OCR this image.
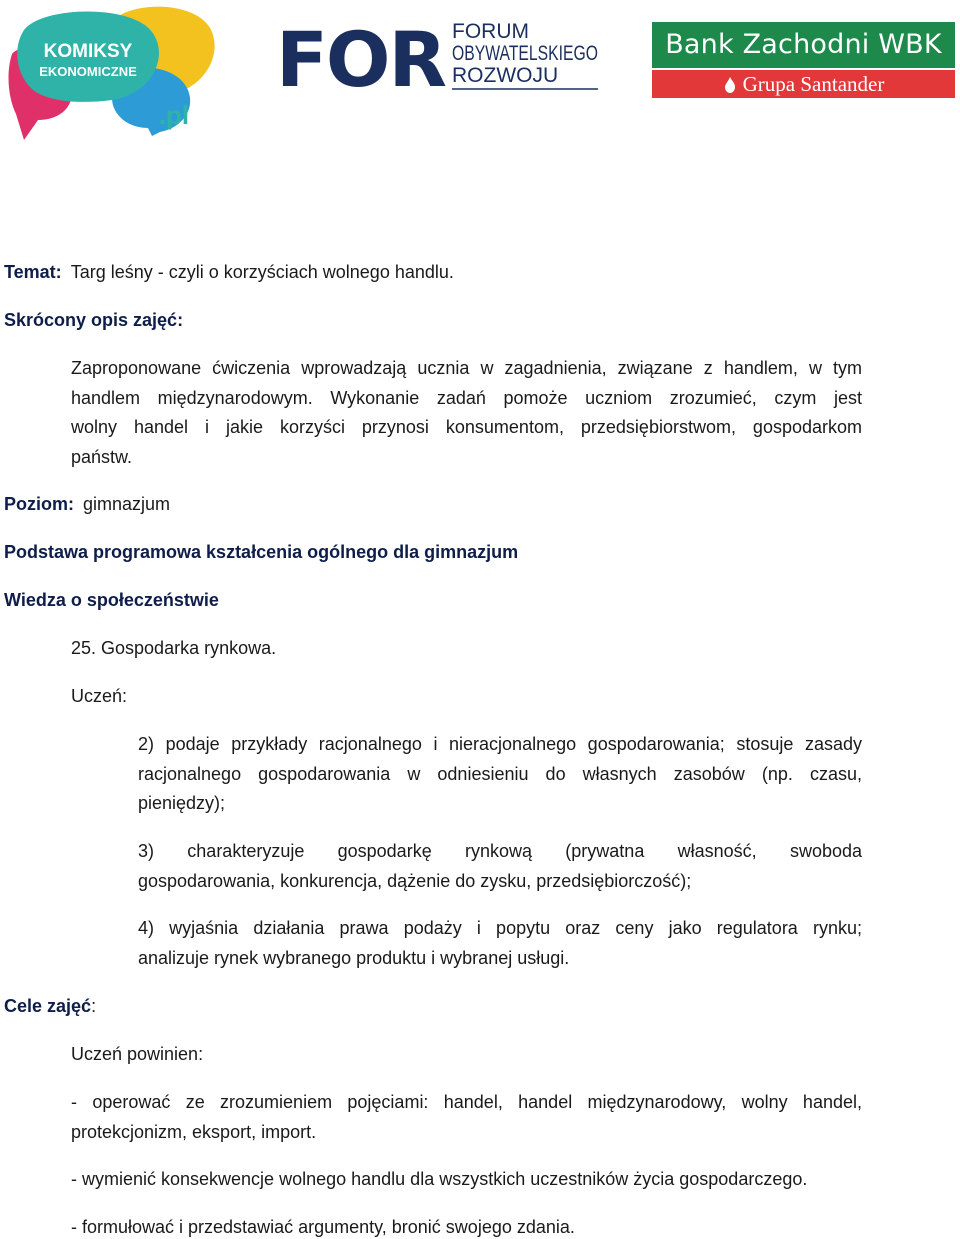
KOMIKSY
EKONOMICZNE
.pl
FOR FORUM
OBYWATELSKIEGO
ROZWOJU
Bank Zachodni WBK
Grupa Santander
Temat: Targ leśny - czyli o korzyściach wolnego handlu.
Skrócony opis zajęć:
Zaproponowane ćwiczenia wprowadzają ucznia w zagadnienia, związane z handlem, w tym
handlem międzynarodowym. Wykonanie zadań pomoże uczniom zrozumieć, czym jest
wolny handel i jakie korzyści przynosi konsumentom, przedsiębiorstwom, gospodarkom
państw.
Poziom: gimnazjum
Podstawa programowa kształcenia ogólnego dla gimnazjum
Wiedza o społeczeństwie
25. Gospodarka rynkowa.
Uczeń:
2) podaje przykłady racjonalnego i nieracjonalnego gospodarowania; stosuje zasady
racjonalnego gospodarowania w odniesieniu do własnych zasobów (np. czasu,
pieniędzy);
3) charakteryzuje gospodarkę rynkową (prywatna własność, swoboda
gospodarowania, konkurencja, dążenie do zysku, przedsiębiorczość);
4) wyjaśnia działania prawa podaży i popytu oraz ceny jako regulatora rynku;
analizuje rynek wybranego produktu i wybranej usługi.
Cele zajęć:
Uczeń powinien:
- operować ze zrozumieniem pojęciami: handel, handel międzynarodowy, wolny handel,
protekcjonizm, eksport, import.
- wymienić konsekwencje wolnego handlu dla wszystkich uczestników życia gospodarczego.
- formułować i przedstawiać argumenty, bronić swojego zdania.
